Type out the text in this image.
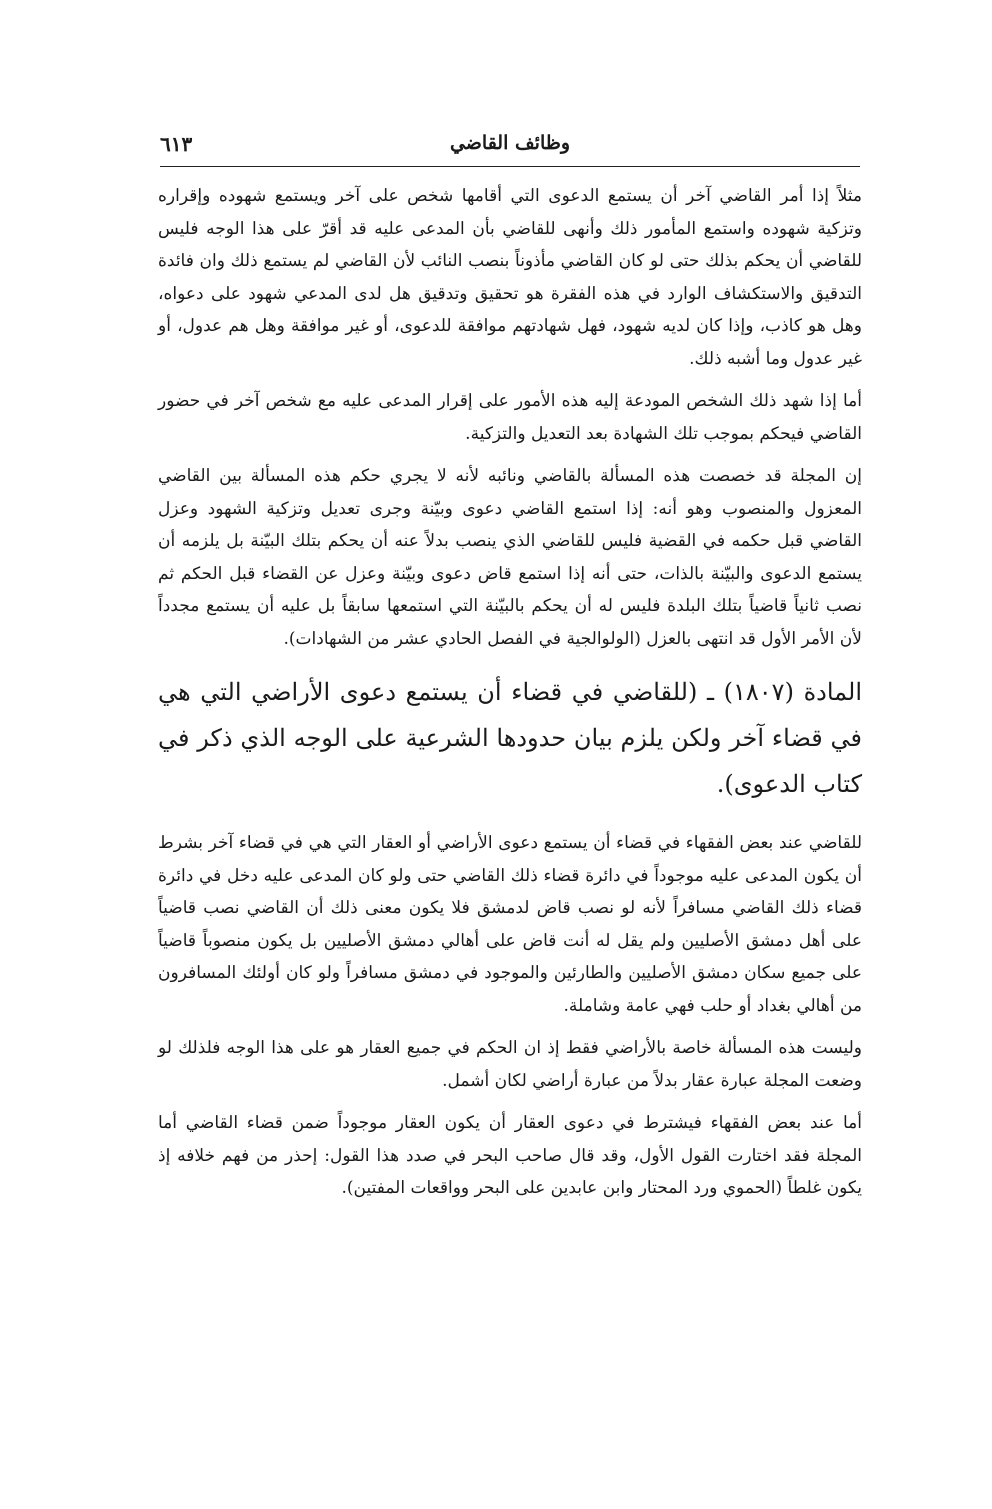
وظائف القاضي
٦١٣

مثلاً إذا أمر القاضي آخر أن يستمع الدعوى التي أقامها شخص على آخر ويستمع شهوده وإقراره وتزكية شهوده واستمع المأمور ذلك وأنهى للقاضي بأن المدعى عليه قد أقرّ على هذا الوجه فليس للقاضي أن يحكم بذلك حتى لو كان القاضي مأذوناً بنصب النائب لأن القاضي لم يستمع ذلك وان فائدة التدقيق والاستكشاف الوارد في هذه الفقرة هو تحقيق وتدقيق هل لدى المدعي شهود على دعواه، وهل هو كاذب، وإذا كان لديه شهود، فهل شهادتهم موافقة للدعوى، أو غير موافقة وهل هم عدول، أو غير عدول وما أشبه ذلك.

أما إذا شهد ذلك الشخص المودعة إليه هذه الأمور على إقرار المدعى عليه مع شخص آخر في حضور القاضي فيحكم بموجب تلك الشهادة بعد التعديل والتزكية.

إن المجلة قد خصصت هذه المسألة بالقاضي ونائبه لأنه لا يجري حكم هذه المسألة بين القاضي المعزول والمنصوب وهو أنه: إذا استمع القاضي دعوى وبيّنة وجرى تعديل وتزكية الشهود وعزل القاضي قبل حكمه في القضية فليس للقاضي الذي ينصب بدلاً عنه أن يحكم بتلك البيّنة بل يلزمه أن يستمع الدعوى والبيّنة بالذات، حتى أنه إذا استمع قاض دعوى وبيّنة وعزل عن القضاء قبل الحكم ثم نصب ثانياً قاضياً بتلك البلدة فليس له أن يحكم بالبيّنة التي استمعها سابقاً بل عليه أن يستمع مجدداً لأن الأمر الأول قد انتهى بالعزل (الولوالجية في الفصل الحادي عشر من الشهادات).

المادة (١٨٠٧) ـ (للقاضي في قضاء أن يستمع دعوى الأراضي التي هي في قضاء آخر ولكن يلزم بيان حدودها الشرعية على الوجه الذي ذكر في كتاب الدعوى).

للقاضي عند بعض الفقهاء في قضاء أن يستمع دعوى الأراضي أو العقار التي هي في قضاء آخر بشرط أن يكون المدعى عليه موجوداً في دائرة قضاء ذلك القاضي حتى ولو كان المدعى عليه دخل في دائرة قضاء ذلك القاضي مسافراً لأنه لو نصب قاض لدمشق فلا يكون معنى ذلك أن القاضي نصب قاضياً على أهل دمشق الأصليين ولم يقل له أنت قاض على أهالي دمشق الأصليين بل يكون منصوباً قاضياً على جميع سكان دمشق الأصليين والطارئين والموجود في دمشق مسافراً ولو كان أولئك المسافرون من أهالي بغداد أو حلب فهي عامة وشاملة.

وليست هذه المسألة خاصة بالأراضي فقط إذ ان الحكم في جميع العقار هو على هذا الوجه فلذلك لو وضعت المجلة عبارة عقار بدلاً من عبارة أراضي لكان أشمل.

أما عند بعض الفقهاء فيشترط في دعوى العقار أن يكون العقار موجوداً ضمن قضاء القاضي أما المجلة فقد اختارت القول الأول، وقد قال صاحب البحر في صدد هذا القول: إحذر من فهم خلافه إذ يكون غلطاً (الحموي ورد المحتار وابن عابدين على البحر وواقعات المفتين).
